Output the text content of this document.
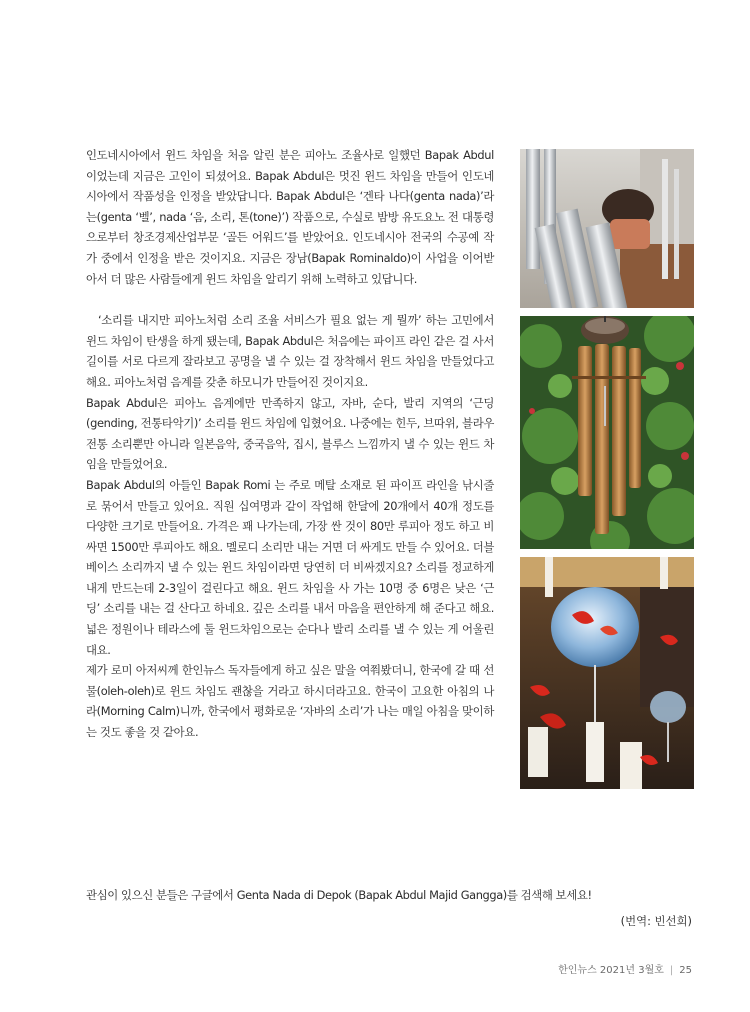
인도네시아에서 윈드 차임을 처음 알린 분은 피아노 조율사로 일했던 Bapak Abdul 이었는데 지금은 고인이 되셨어요. Bapak Abdul은 멋진 윈드 차임을 만들어 인도네시아에서 작품성을 인정을 받았답니다. Bapak Abdul은 ‘겐타 나다(genta nada)’라는(genta ‘벨’, nada ‘음, 소리, 톤(tone)’) 작품으로, 수실로 밤방 유도요노 전 대통령으로부터 창조경제산업부문 ‘골든 어워드’를 받았어요. 인도네시아 전국의 수공예 작가 중에서 인정을 받은 것이지요. 지금은 장남(Bapak Rominaldo)이 사업을 이어받아서 더 많은 사람들에게 윈드 차임을 알리기 위해 노력하고 있답니다.

‘소리를 내지만 피아노처럼 소리 조율 서비스가 필요 없는 게 뭘까’ 하는 고민에서 윈드 차임이 탄생을 하게 됐는데, Bapak Abdul은 처음에는 파이프 라인 같은 걸 사서 길이를 서로 다르게 잘라보고 공명을 낼 수 있는 걸 장착해서 윈드 차임을 만들었다고 해요. 피아노처럼 음계를 갖춘 하모니가 만들어진 것이지요.

Bapak Abdul은 피아노 음계에만 만족하지 않고, 자바, 순다, 발리 지역의 ‘근딩(gending, 전통타악기)’ 소리를 윈드 차임에 입혔어요. 나중에는 힌두, 브따위, 블라우 전통 소리뿐만 아니라 일본음악, 중국음악, 집시, 블루스 느낌까지 낼 수 있는 윈드 차임을 만들었어요.

Bapak Abdul의 아들인 Bapak Romi 는 주로 메탈 소재로 된 파이프 라인을 낚시줄로 묶어서 만들고 있어요. 직원 십여명과 같이 작업해 한달에 20개에서 40개 정도를 다양한 크기로 만들어요. 가격은 꽤 나가는데, 가장 싼 것이 80만 루피아 정도 하고 비싸면 1500만 루피아도 해요. 멜로디 소리만 내는 거면 더 싸게도 만들 수 있어요. 더블 베이스 소리까지 낼 수 있는 윈드 차임이라면 당연히 더 비싸겠지요? 소리를 정교하게 내게 만드는데 2-3일이 걸린다고 해요. 윈드 차임을 사 가는 10명 중 6명은 낮은 ‘근딩’ 소리를 내는 걸 산다고 하네요. 깊은 소리를 내서 마음을 편안하게 해 준다고 해요. 넓은 정원이나 테라스에 둘 윈드차임으로는 순다나 발리 소리를 낼 수 있는 게 어울린대요.

제가 로미 아저씨께 한인뉴스 독자들에게 하고 싶은 말을 여쭤봤더니, 한국에 갈 때 선물(oleh-oleh)로 윈드 차임도 괜찮을 거라고 하시더라고요. 한국이 고요한 아침의 나라(Morning Calm)니까, 한국에서 평화로운 ‘자바의 소리’가 나는 매일 아침을 맞이하는 것도 좋을 것 같아요.

관심이 있으신 분들은 구글에서 Genta Nada di Depok (Bapak Abdul Majid Gangga)를 검색해 보세요!
(번역: 빈선희)
한인뉴스 2021년 3월호 | 25
